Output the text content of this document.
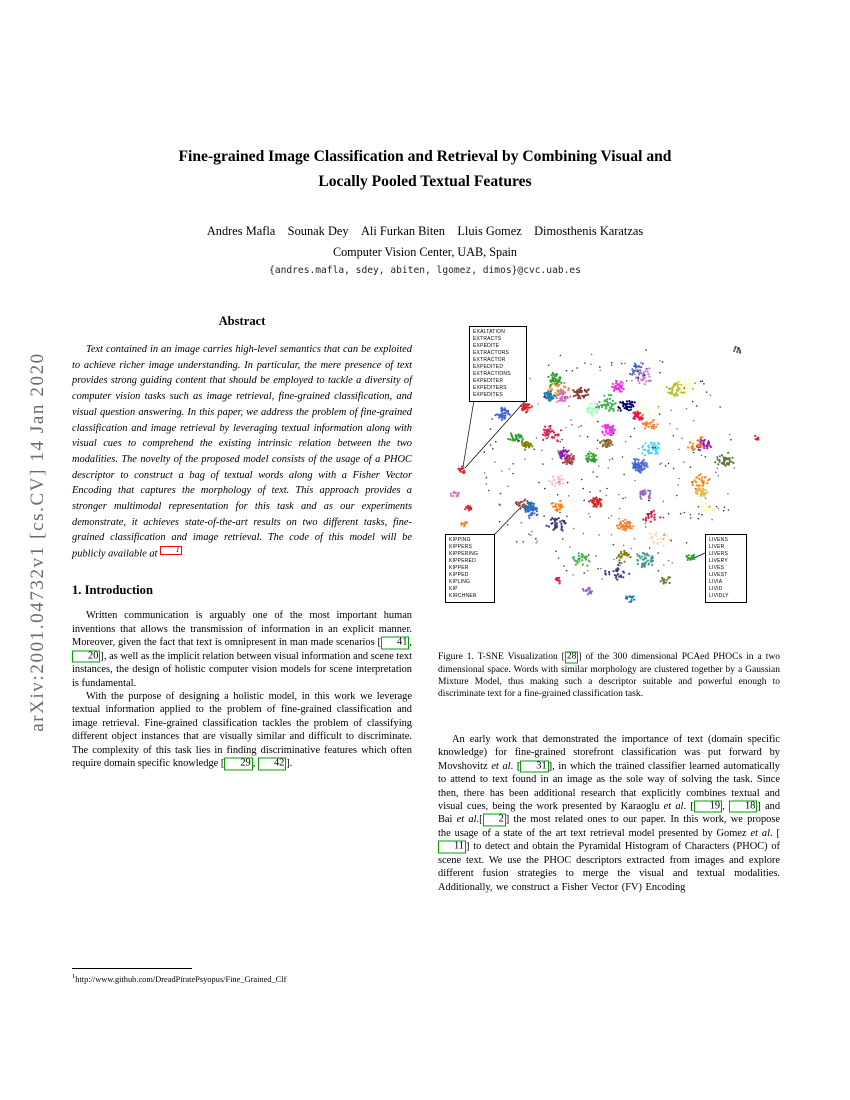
arXiv:2001.04732v1 [cs.CV] 14 Jan 2020
Fine-grained Image Classification and Retrieval by Combining Visual and
Locally Pooled Textual Features
Andres Mafla  Sounak Dey  Ali Furkan Biten  Lluis Gomez  Dimosthenis Karatzas
Computer Vision Center, UAB, Spain
{andres.mafla, sdey, abiten, lgomez, dimos}@cvc.uab.es
Abstract
Text contained in an image carries high-level semantics that can be exploited to achieve richer image understanding. In particular, the mere presence of text provides strong guiding content that should be employed to tackle a diversity of computer vision tasks such as image retrieval, fine-grained classification, and visual question answering. In this paper, we address the problem of fine-grained classification and image retrieval by leveraging textual information along with visual cues to comprehend the existing intrinsic relation between the two modalities. The novelty of the proposed model consists of the usage of a PHOC descriptor to construct a bag of textual words along with a Fisher Vector Encoding that captures the morphology of text. This approach provides a stronger multimodal representation for this task and as our experiments demonstrate, it achieves state-of-the-art results on two different tasks, fine-grained classification and image retrieval. The code of this model will be publicly available at 1
1. Introduction
Written communication is arguably one of the most important human inventions that allows the transmission of information in an explicit manner. Moreover, given the fact that text is omnipresent in man made scenarios [ 41 , 20 ], as well as the implicit relation between visual information and scene text instances, the design of holistic computer vision models for scene interpretation is fundamental.
With the purpose of designing a holistic model, in this work we leverage textual information applied to the problem of fine-grained classification and image retrieval. Fine-grained classification tackles the problem of classifying different object instances that are visually similar and difficult to discriminate. The complexity of this task lies in finding discriminative features which often require domain specific knowledge [ 29 , 42 ].
EXALTATION
EXTRACTS
EXPEDITE
EXTRACTORS
EXTRACTOR
EXPEDITED
EXTRACTIONS
EXPEDITER
EXPEDITERS
EXPEDITES
KIPPING
KIPPERS
KIPPERING
KIPPERED
KIPPER
KIPPED
KIPLING
KIP
KIRCHNER
LIVENS
LIVER
LIVERS
LIVERY
LIVES
LIVEST
LIVIA
LIVID
LIVIDLY
Figure 1. T-SNE Visualization [ 28 ] of the 300 dimensional PCAed PHOCs in a two dimensional space. Words with similar morphology are clustered together by a Gaussian Mixture Model, thus making such a descriptor suitable and powerful enough to discriminate text for a fine-grained classification task.
An early work that demonstrated the importance of text (domain specific knowledge) for fine-grained storefront classification was put forward by Movshovitz et al. [ 31 ], in which the trained classifier learned automatically to attend to text found in an image as the sole way of solving the task. Since then, there has been additional research that explicitly combines textual and visual cues, being the work presented by Karaoglu et al. [ 19 , 18 ] and Bai et al.[ 2 ] the most related ones to our paper. In this work, we propose the usage of a state of the art text retrieval model presented by Gomez et al. [11 ] to detect and obtain the Pyramidal Histogram of Characters (PHOC) of scene text. We use the PHOC descriptors extracted from images and explore different fusion strategies to merge the visual and textual modalities. Additionally, we construct a Fisher Vector (FV) Encoding
$^1$http://www.github.com/DreadPiratePsyopus/Fine_Grained_Clf
